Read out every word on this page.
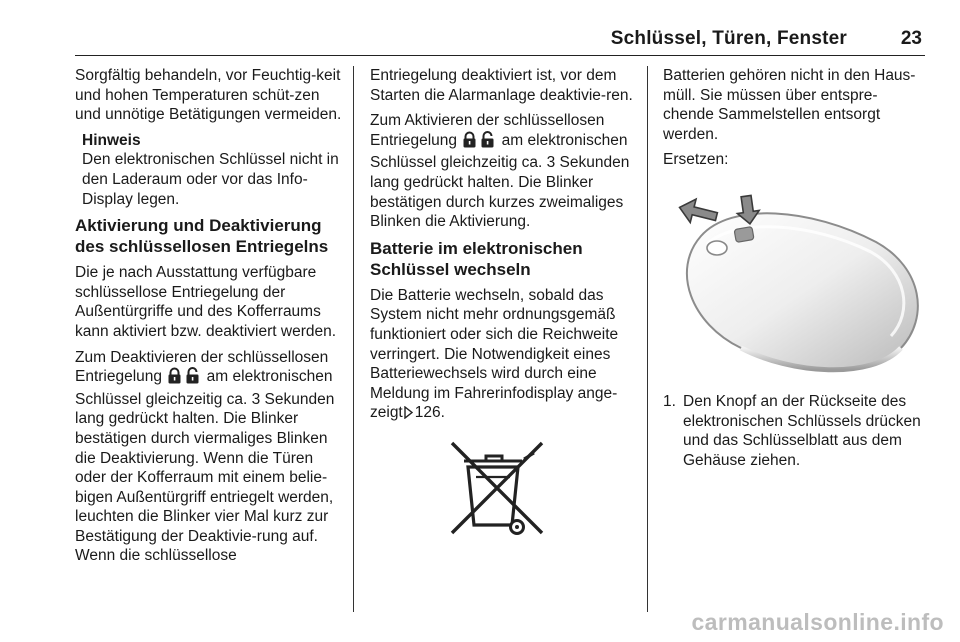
Schlüssel, Türen, Fenster	23

Sorgfältig behandeln, vor Feuchtig-keit und hohen Temperaturen schüt-zen und unnötige Betätigungen vermeiden.

Hinweis
Den elektronischen Schlüssel nicht in den Laderaum oder vor das Info-Display legen.
Aktivierung und Deaktivierung des schlüssellosen Entriegelns

Die je nach Ausstattung verfügbare schlüssellose Entriegelung der Außentürgriffe und des Kofferraums kann aktiviert bzw. deaktiviert werden.

Zum Deaktivieren der schlüssellosen Entriegelung	am elektronischen Schlüssel gleichzeitig ca. 3 Sekunden lang gedrückt halten. Die Blinker bestätigen durch viermaliges Blinken die Deaktivierung. Wenn die Türen oder der Kofferraum mit einem belie-bigen Außentürgriff entriegelt werden, leuchten die Blinker vier Mal kurz zur Bestätigung der Deaktivie-rung auf. Wenn die schlüssellose

Entriegelung deaktiviert ist, vor dem Starten die Alarmanlage deaktivie-ren.

Zum Aktivieren der schlüssellosen Entriegelung	am elektronischen Schlüssel gleichzeitig ca. 3 Sekunden lang gedrückt halten. Die Blinker bestätigen durch kurzes zweimaliges Blinken die Aktivierung.

Batterie im elektronischen Schlüssel wechseln

Die Batterie wechseln, sobald das System nicht mehr ordnungsgemäß funktioniert oder sich die Reichweite verringert. Die Notwendigkeit eines Batteriewechsels wird durch eine Meldung im Fahrerinfodisplay ange-zeigt 126.

Batterien gehören nicht in den Haus-müll. Sie müssen über entspre-chende Sammelstellen entsorgt werden.

Ersetzen:

1. Den Knopf an der Rückseite des elektronischen Schlüssels drücken und das Schlüsselblatt aus dem Gehäuse ziehen.
carmanualsonline.info
